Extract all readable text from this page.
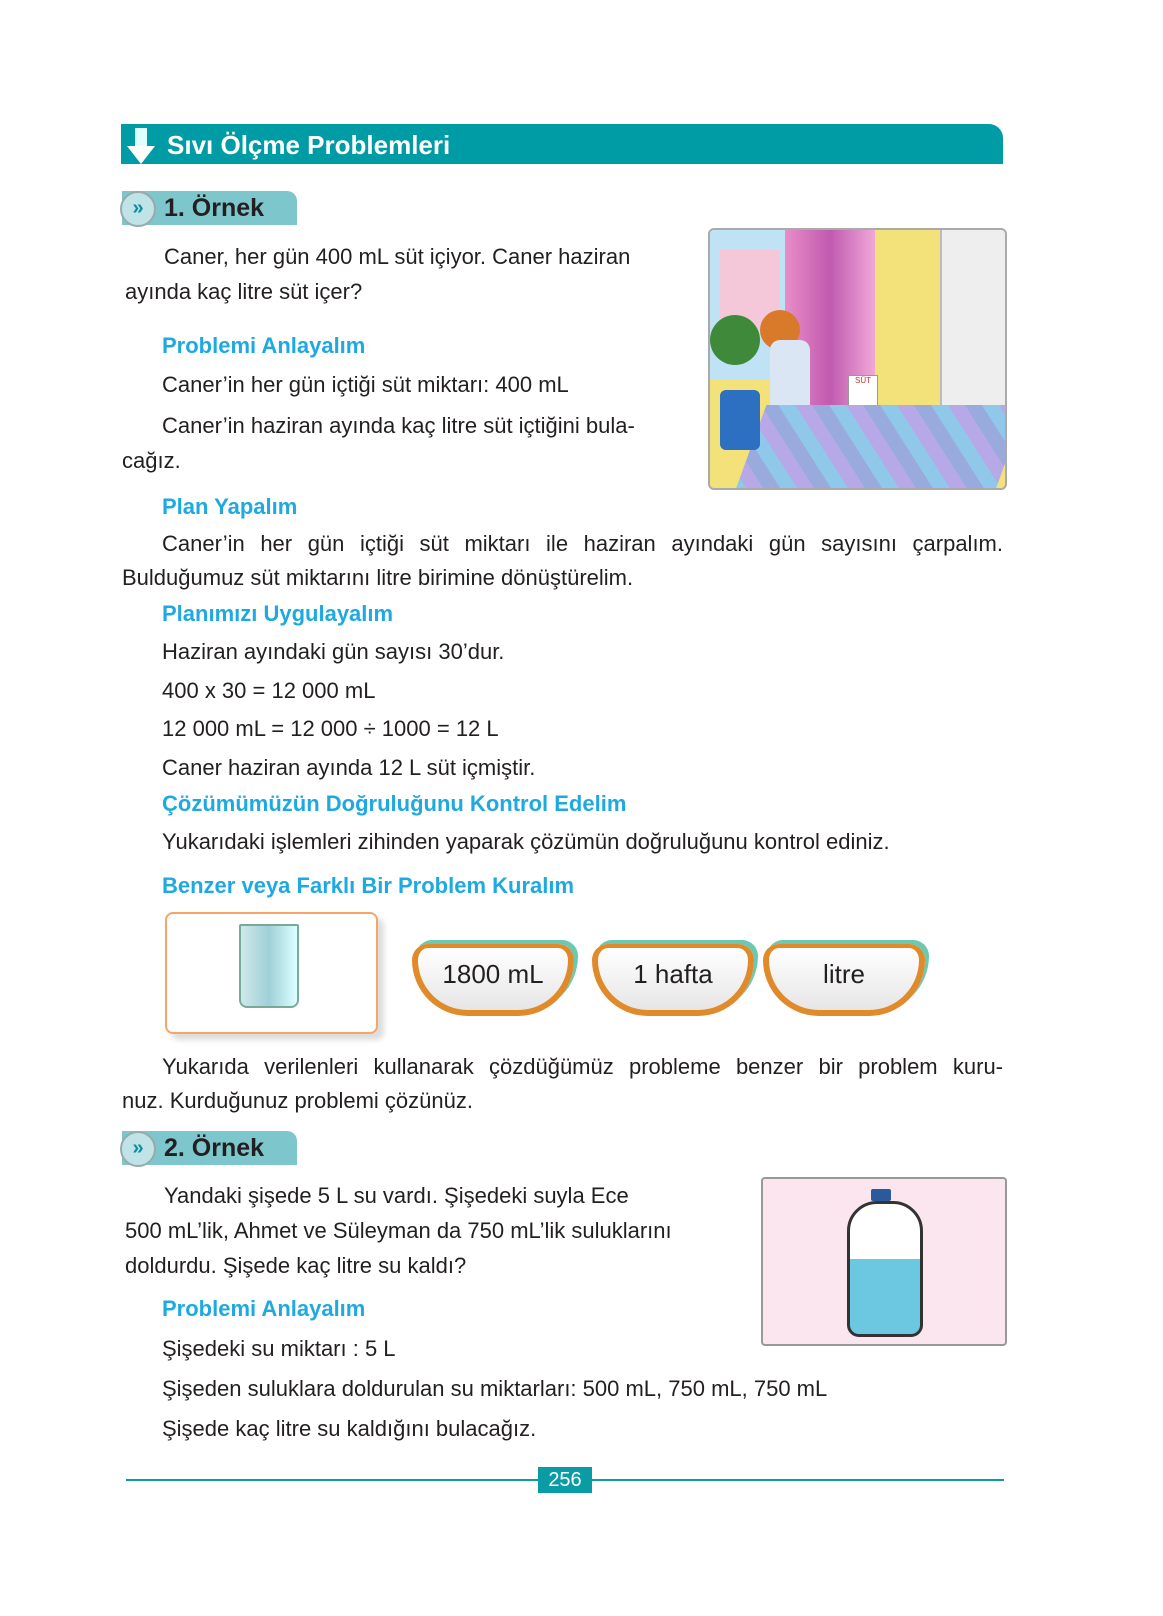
Sıvı Ölçme Problemleri
» 1. Örnek
Caner, her gün 400 mL süt içiyor. Caner haziran
ayında kaç litre süt içer?
SÜT
Problemi Anlayalım
Caner’in her gün içtiği süt miktarı: 400 mL
Caner’in haziran ayında kaç litre süt içtiğini bula-
cağız.
Plan Yapalım
Caner’in her gün içtiği süt miktarı ile haziran ayındaki gün sayısını çarpalım.
Bulduğumuz süt miktarını litre birimine dönüştürelim.
Planımızı Uygulayalım
Haziran ayındaki gün sayısı 30’dur.
400 x 30 = 12 000 mL
12 000 mL = 12 000 ÷ 1000 = 12 L
Caner haziran ayında 12 L süt içmiştir.
Çözümümüzün Doğruluğunu Kontrol Edelim
Yukarıdaki işlemleri zihinden yaparak çözümün doğruluğunu kontrol ediniz.
Benzer veya Farklı Bir Problem Kuralım
1800 mL	1 hafta	litre
Yukarıda verilenleri kullanarak çözdüğümüz probleme benzer bir problem kuru-
nuz. Kurduğunuz problemi çözünüz.
» 2. Örnek
Yandaki şişede 5 L su vardı. Şişedeki suyla Ece
500 mL’lik, Ahmet ve Süleyman da 750 mL’lik suluklarını
doldurdu. Şişede kaç litre su kaldı?
Problemi Anlayalım
Şişedeki su miktarı : 5 L
Şişeden suluklara doldurulan su miktarları: 500 mL, 750 mL, 750 mL
Şişede kaç litre su kaldığını bulacağız.
256
